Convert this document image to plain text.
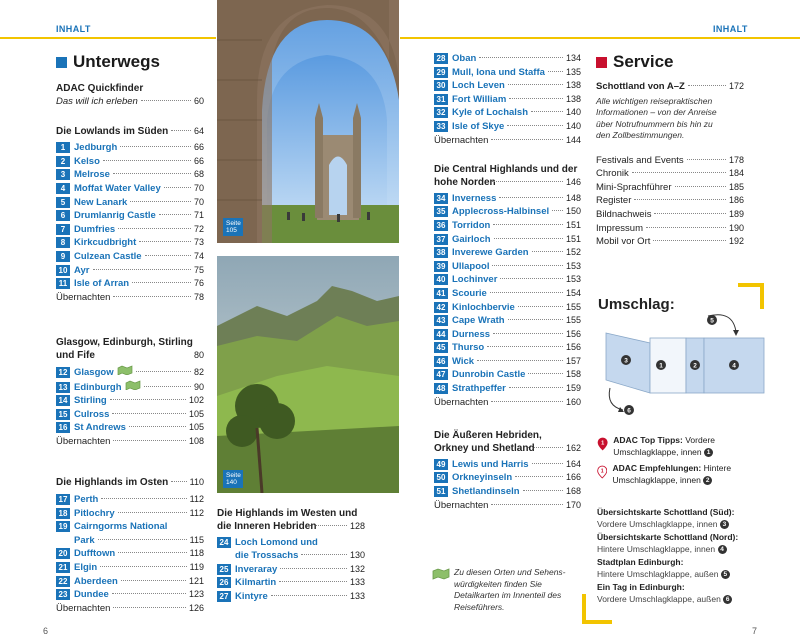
INHALT	INHALT
Unterwegs
ADAC Quickfinder
Das will ich erleben	60
Die Lowlands im Süden	64
1 Jedburgh	66
2 Kelso	66
3 Melrose	68
4 Moffat Water Valley	70
5 New Lanark	70
6 Drumlanrig Castle	71
7 Dumfries	72
8 Kirkcudbright	73
9 Culzean Castle	74
10 Ayr	75
11 Isle of Arran	76
Übernachten	78
Glasgow, Edinburgh, Stirling und Fife	80
12 Glasgow	82
13 Edinburgh	90
14 Stirling	102
15 Culross	105
16 St Andrews	105
Übernachten	108
Die Highlands im Osten 110
17 Perth	112
18 Pitlochry	112
19 Cairngorms National
Park	115
20 Dufftown	118
21 Elgin	119
22 Aberdeen	121
23 Dundee	123
Übernachten	126
Seite 105
Seite 140
Die Highlands im Westen und die Inneren Hebriden	128
24 Loch Lomond und
die Trossachs	130
25 Inveraray	132
26 Kilmartin	133
27 Kintyre	133
28 Oban	134
29 Mull, Iona und Staffa 135
30 Loch Leven	138
31 Fort William	138
32 Kyle of Lochalsh	140
33 Isle of Skye	140
Übernachten	144
Die Central Highlands und der hohe Norden	146
34 Inverness	148
35 Applecross-Halbinsel 150
36 Torridon	151
37 Gairloch	151
38 Inverewe Garden	152
39 Ullapool	153
40 Lochinver	153
41 Scourie	154
42 Kinlochbervie	155
43 Cape Wrath	155
44 Durness	156
45 Thurso	156
46 Wick	157
47 Dunrobin Castle	158
48 Strathpeffer	159
Übernachten	160
Die Äußeren Hebriden, Orkney und Shetland	162
49 Lewis und Harris	164
50 Orkneyinseln	166
51 Shetlandinseln	168
Übernachten	170
Zu diesen Orten und Sehens-würdigkeiten finden Sie Detailkarten im Innenteil des Reiseführers.
Service
Schottland von A–Z	172
Alle wichtigen reisepraktischen Informationen – von der Anreise über Notrufnummern bis hin zu den Zollbestimmungen.
Festivals and Events	178
Chronik	184
Mini-Sprachführer	185
Register	186
Bildnachweis	189
Impressum	190
Mobil vor Ort	192
Umschlag:
5
3
1	2	4
6
1 ADAC Top Tipps: Vordere Umschlagklappe, innen 1
1 ADAC Empfehlungen: Hintere Umschlagklappe, innen 2
Übersichtskarte Schottland (Süd):
Vordere Umschlagklappe, innen 3
Übersichtskarte Schottland (Nord):
Hintere Umschlagklappe, innen 4
Stadtplan Edinburgh:
Hintere Umschlagklappe, außen 5
Ein Tag in Edinburgh:
Vordere Umschlagklappe, außen 6
6	7
